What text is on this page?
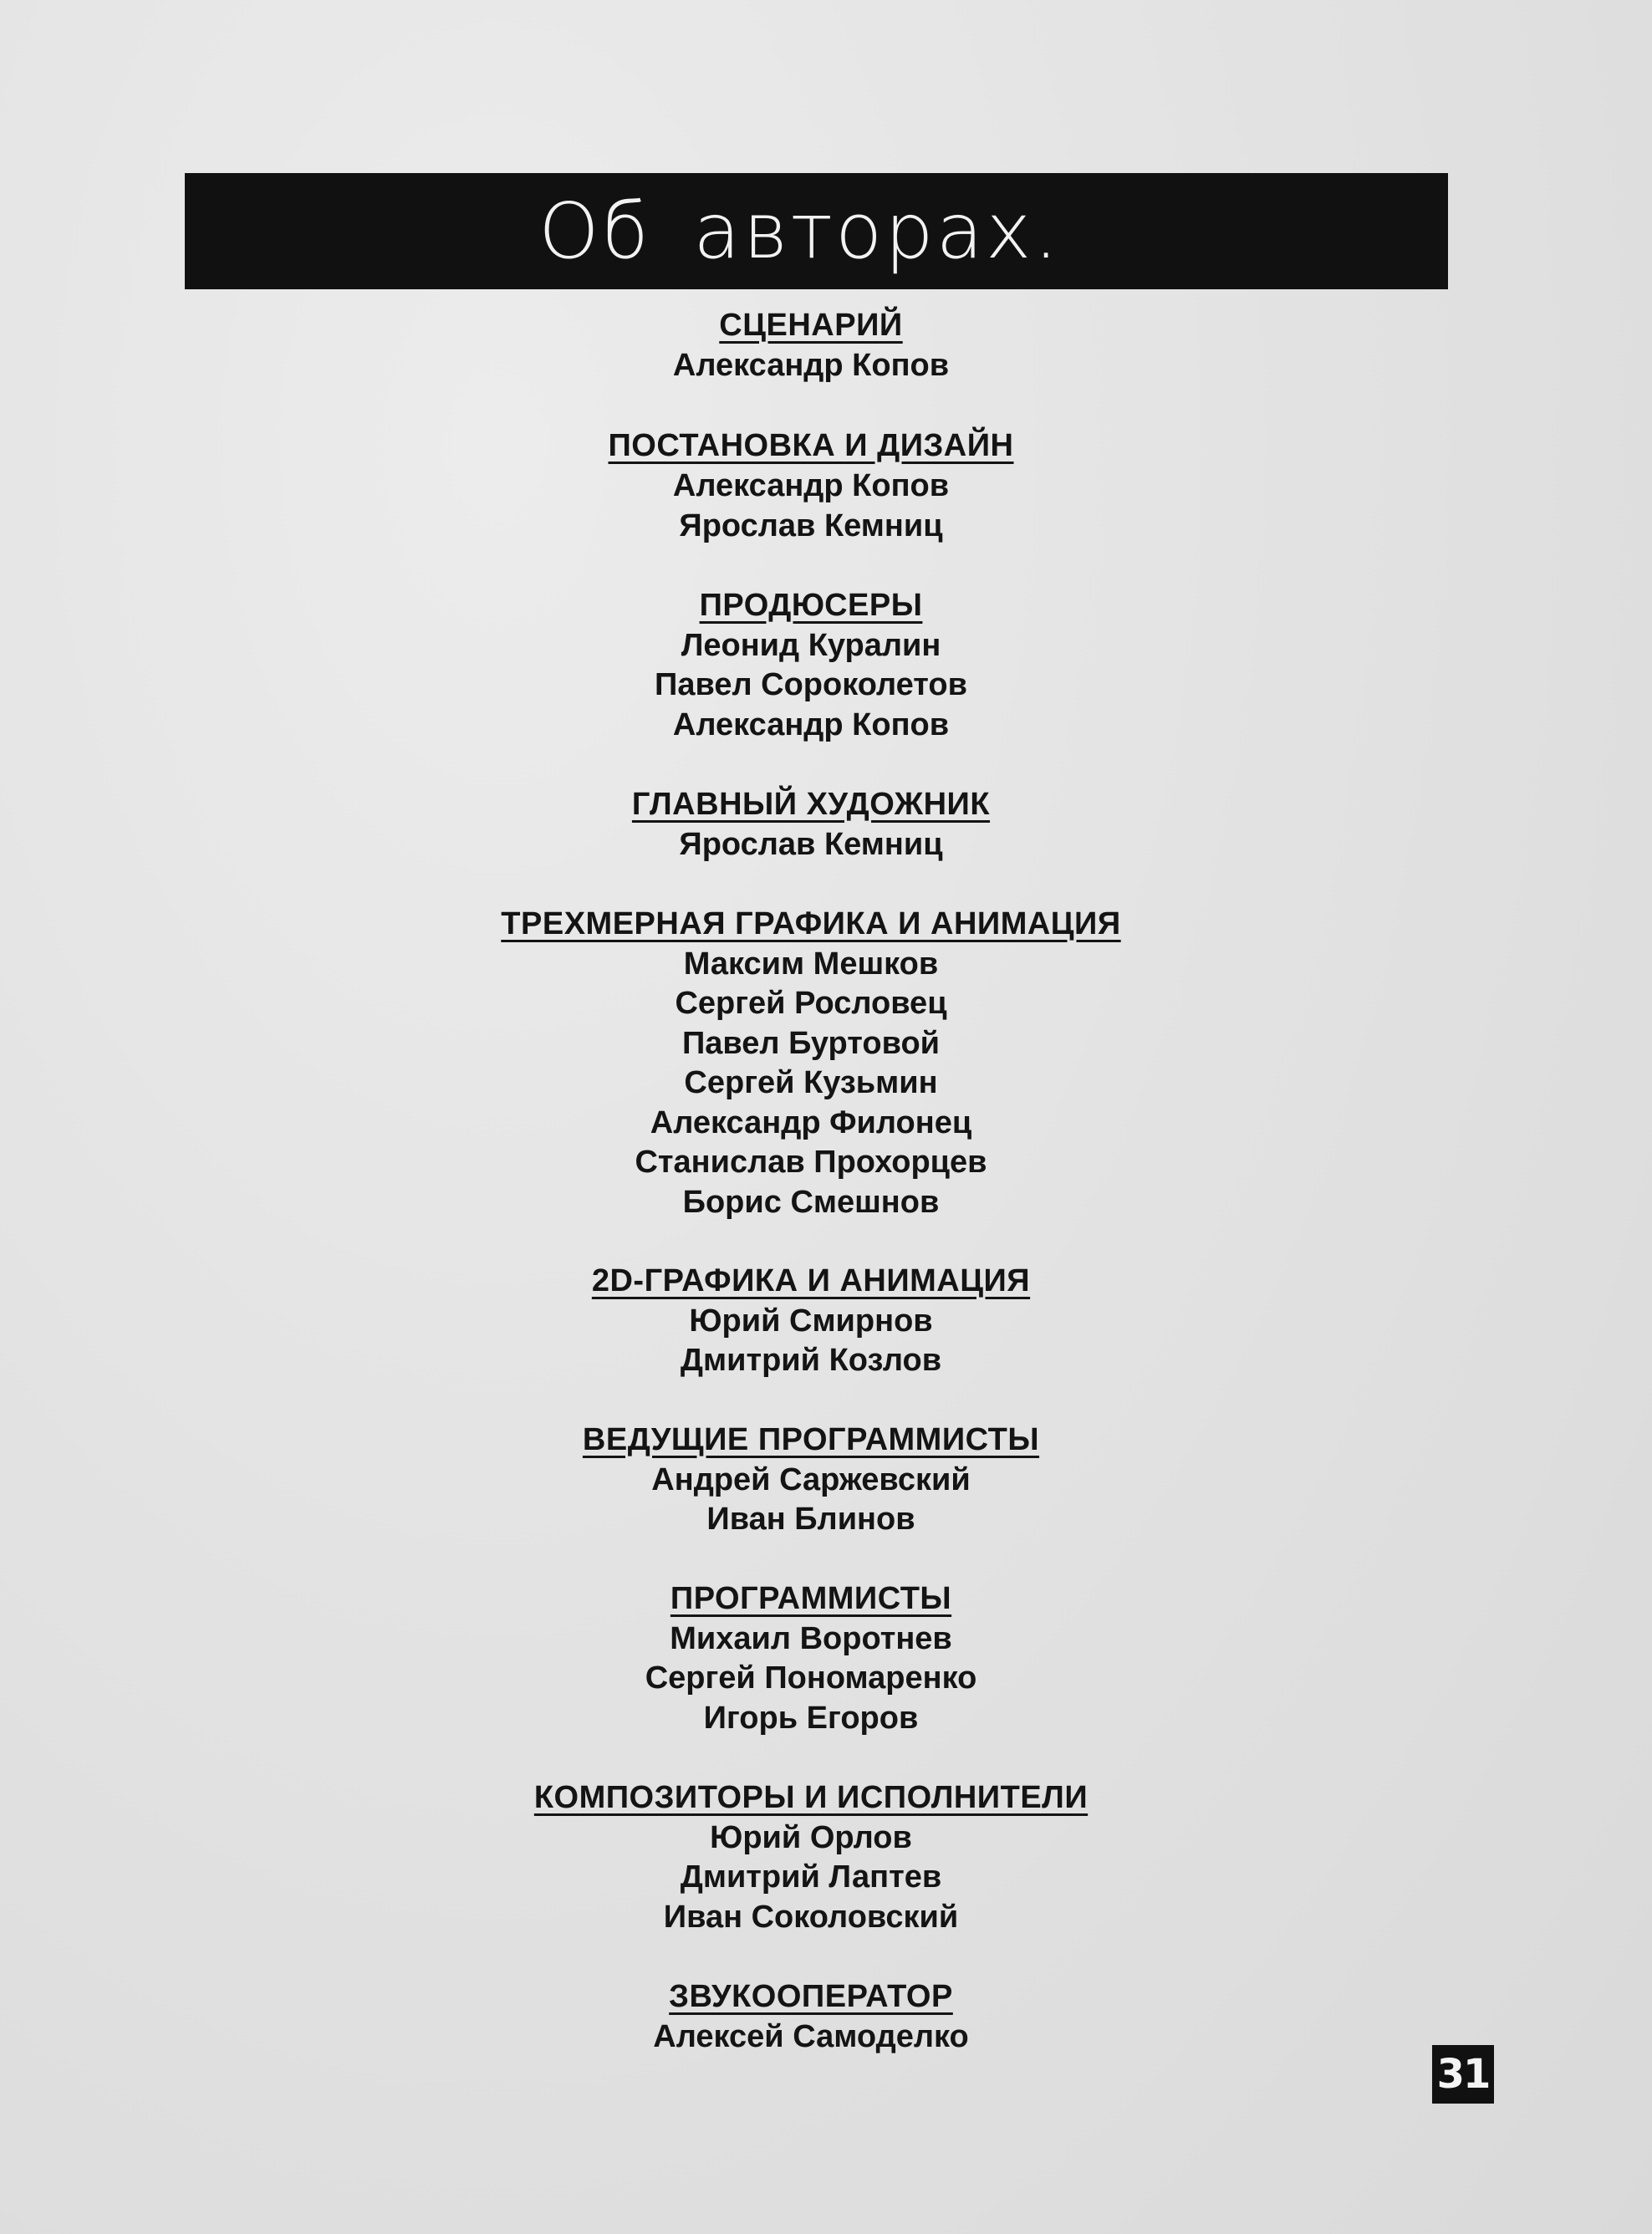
Об авторах.
СЦЕНАРИЙ
Александр Копов
ПОСТАНОВКА И ДИЗАЙН
Александр Копов
Ярослав Кемниц
ПРОДЮСЕРЫ
Леонид Куралин
Павел Сороколетов
Александр Копов
ГЛАВНЫЙ ХУДОЖНИК
Ярослав Кемниц
ТРЕХМЕРНАЯ ГРАФИКА И АНИМАЦИЯ
Максим Мешков
Сергей Рословец
Павел Буртовой
Сергей Кузьмин
Александр Филонец
Станислав Прохорцев
Борис Смешнов
2D-ГРАФИКА И АНИМАЦИЯ
Юрий Смирнов
Дмитрий Козлов
ВЕДУЩИЕ ПРОГРАММИСТЫ
Андрей Саржевский
Иван Блинов
ПРОГРАММИСТЫ
Михаил Воротнев
Сергей Пономаренко
Игорь Егоров
КОМПОЗИТОРЫ И ИСПОЛНИТЕЛИ
Юрий Орлов
Дмитрий Лаптев
Иван Соколовский
ЗВУКООПЕРАТОР
Алексей Самоделко
31
